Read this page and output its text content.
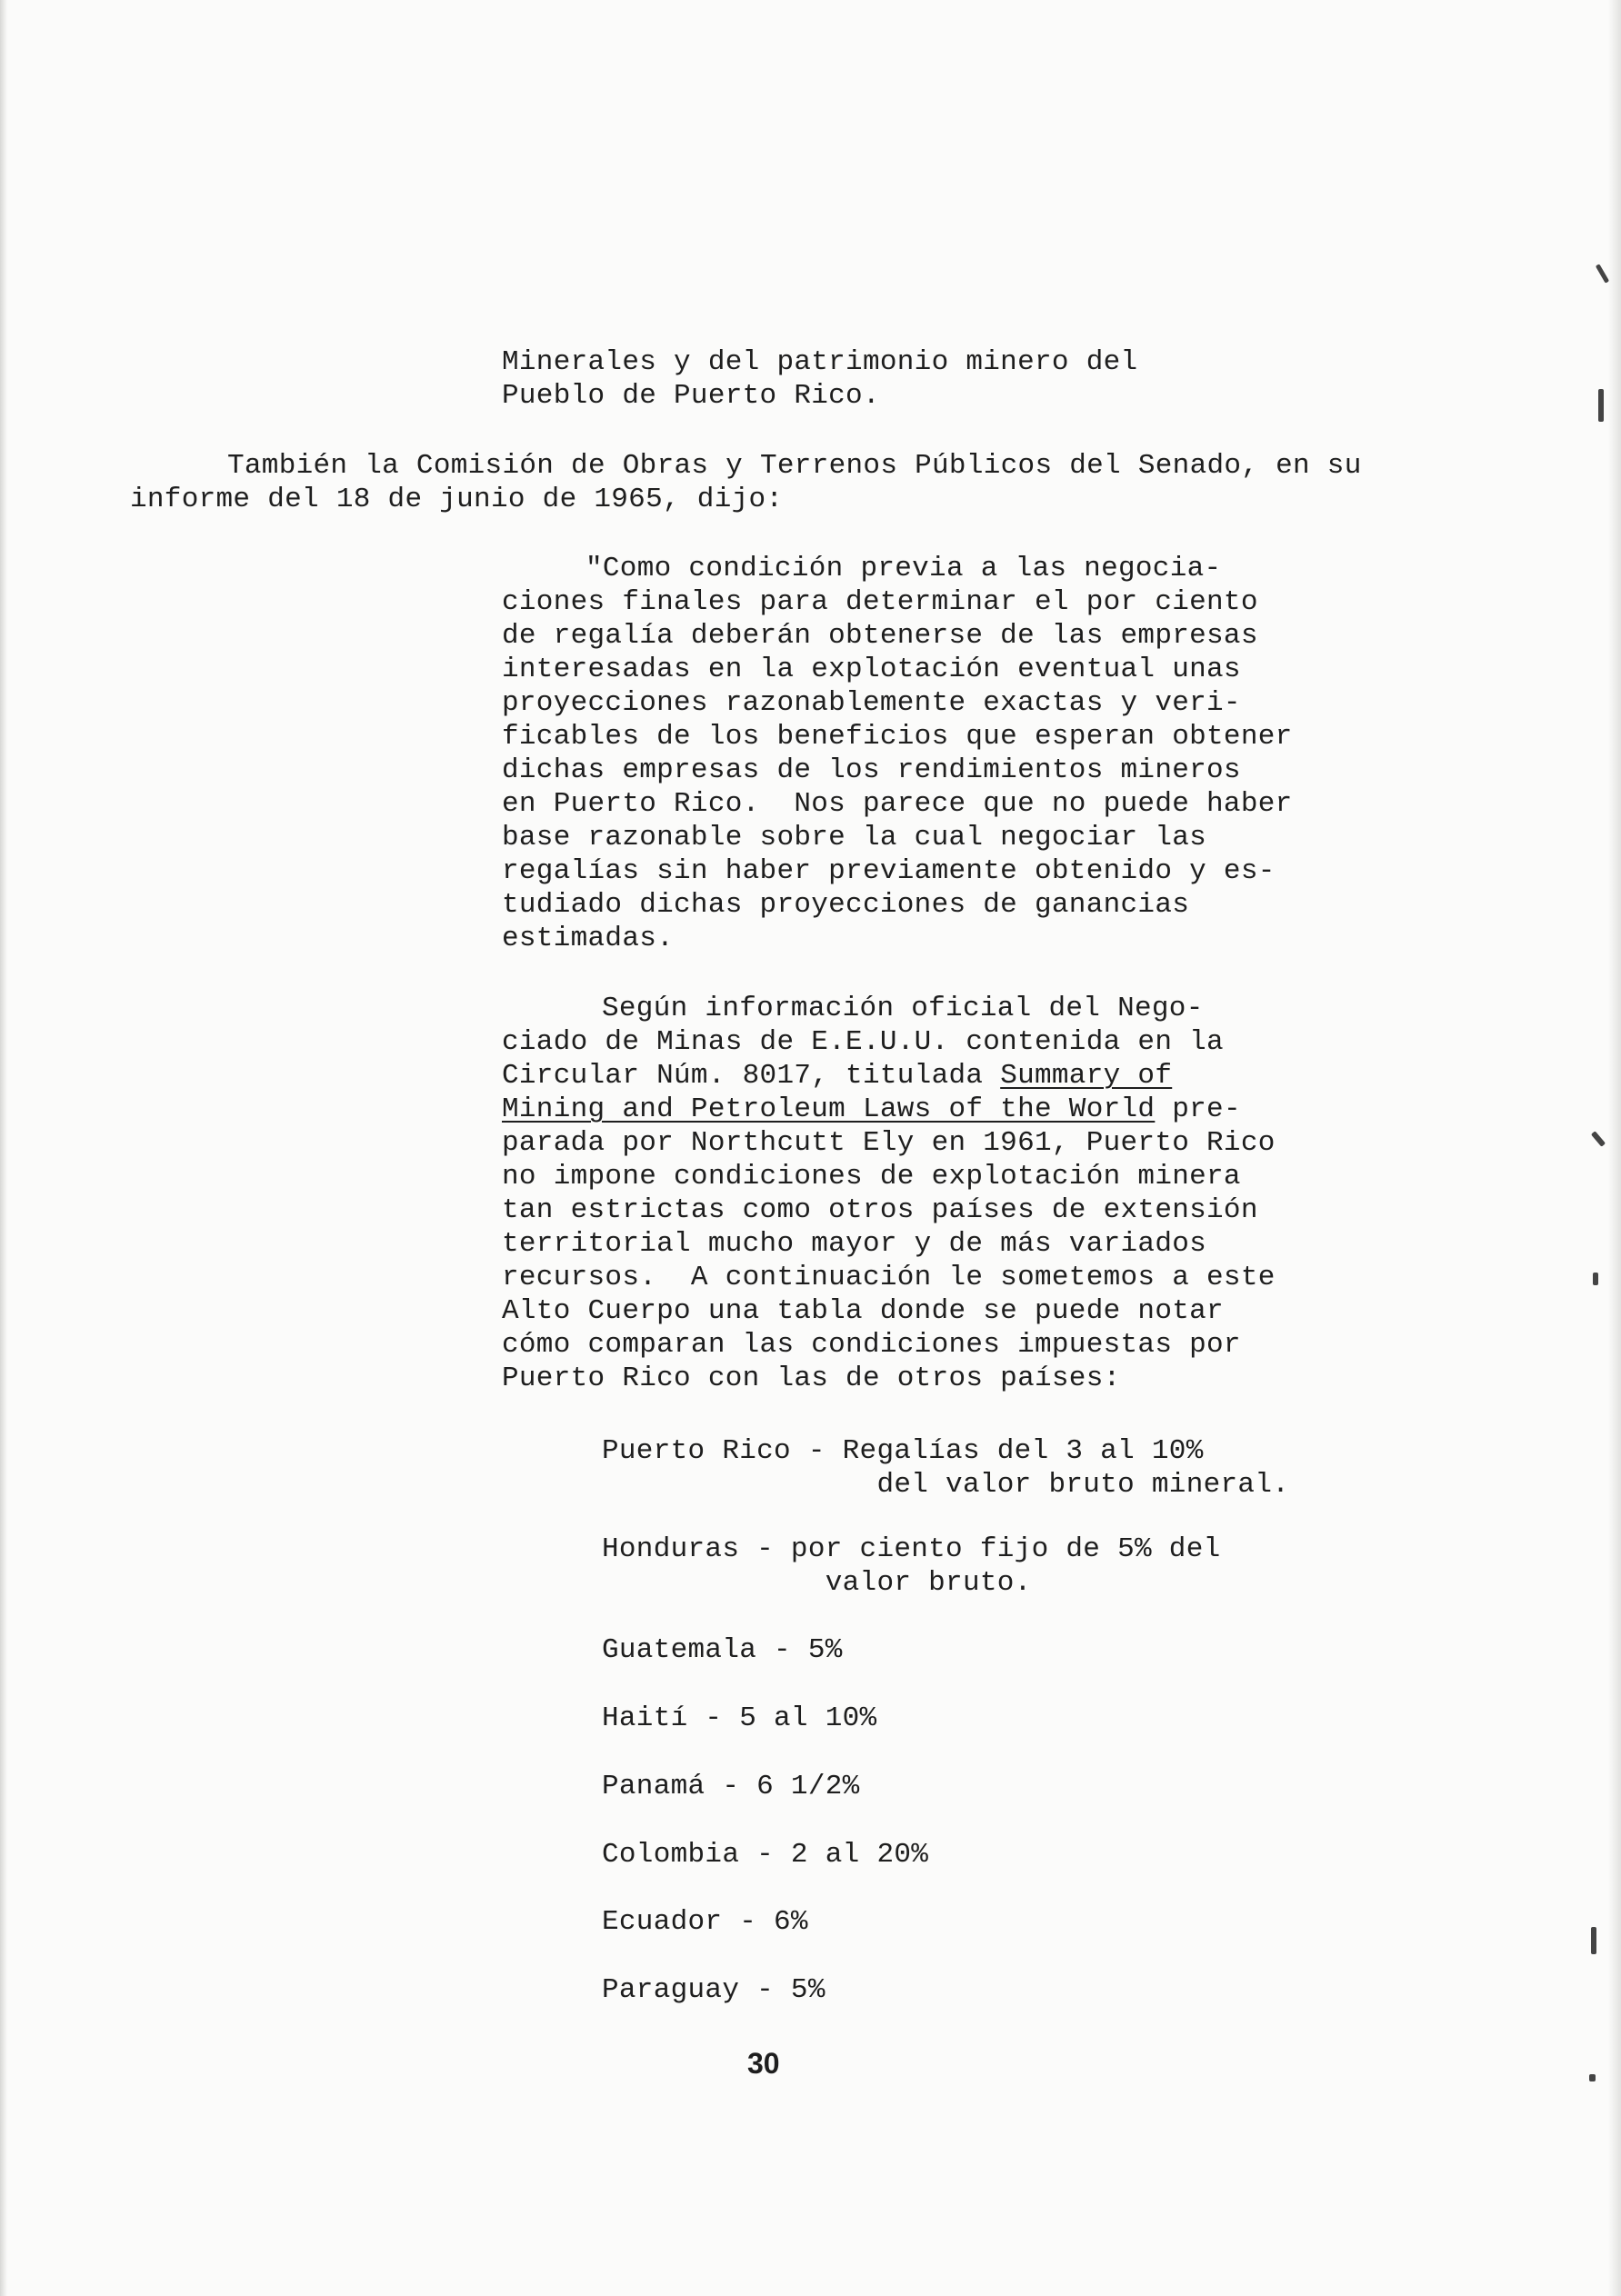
Minerales y del patrimonio minero del
Pueblo de Puerto Rico.
También la Comisión de Obras y Terrenos Públicos del Senado, en su
informe del 18 de junio de 1965, dijo:
"Como condición previa a las negocia-
ciones finales para determinar el por ciento
de regalía deberán obtenerse de las empresas
interesadas en la explotación eventual unas
proyecciones razonablemente exactas y veri-
ficables de los beneficios que esperan obtener
dichas empresas de los rendimientos mineros
en Puerto Rico.  Nos parece que no puede haber
base razonable sobre la cual negociar las
regalías sin haber previamente obtenido y es-
tudiado dichas proyecciones de ganancias
estimadas.
Según información oficial del Nego-
ciado de Minas de E.E.U.U. contenida en la
Circular Núm. 8017, titulada Summary of
Mining and Petroleum Laws of the World pre-
parada por Northcutt Ely en 1961, Puerto Rico
no impone condiciones de explotación minera
tan estrictas como otros países de extensión
territorial mucho mayor y de más variados
recursos.  A continuación le sometemos a este
Alto Cuerpo una tabla donde se puede notar
cómo comparan las condiciones impuestas por
Puerto Rico con las de otros países:
Puerto Rico - Regalías del 3 al 10%
del valor bruto mineral.
Honduras - por ciento fijo de 5% del
valor bruto.
Guatemala - 5%
Haití - 5 al 10%
Panamá - 6 1/2%
Colombia - 2 al 20%
Ecuador - 6%
Paraguay - 5%
30
